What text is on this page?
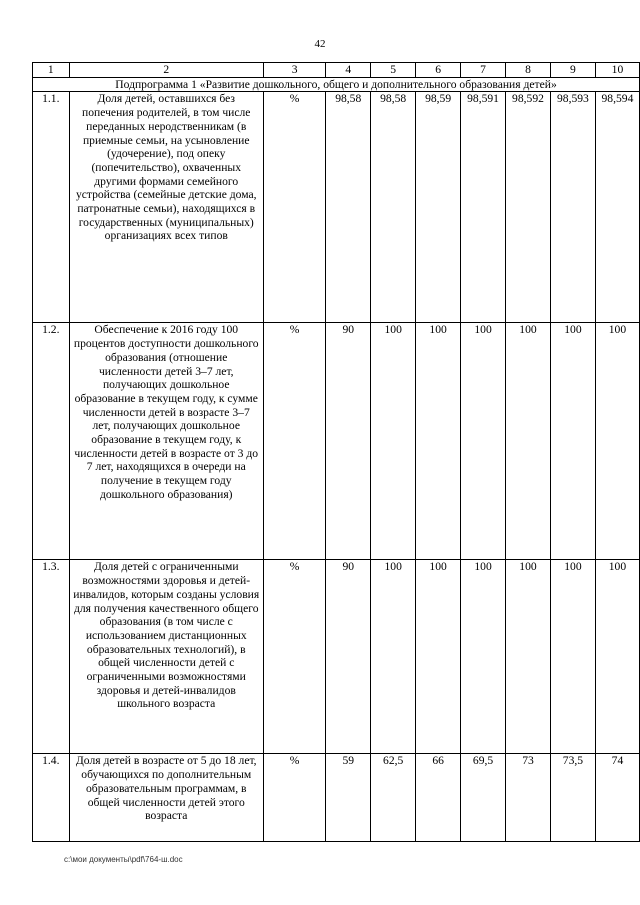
42
1	2	3	4	5	6	7	8	9	10
Подпрограмма 1 «Развитие дошкольного, общего и дополнительного образования детей»									
1.1.	Доля детей, оставшихся без попечения родителей, в том числе переданных неродственникам (в приемные семьи, на усыновление (удочерение), под опеку (попечительство), охваченных другими формами семейного устройства (семейные детские дома, патронатные семьи), находящихся в государственных (муниципальных) организациях всех типов	%	98,58	98,58	98,59	98,591	98,592	98,593	98,594
1.2.	Обеспечение к 2016 году 100 процентов доступности дошкольного образования (отношение численности детей 3–7 лет, получающих дошкольное образование в текущем году, к сумме численности детей в возрасте 3–7 лет, получающих дошкольное образование в текущем году, к численности детей в возрасте от 3 до 7 лет, находящихся в очереди на получение в текущем году дошкольного образования)	%	90	100	100	100	100	100	100
1.3.	Доля детей с ограниченными возможностями здоровья и детей-инвалидов, которым созданы условия для получения качественного общего образования (в том числе с использованием дистанционных образовательных технологий), в общей численности детей с ограниченными возможностями здоровья и детей-инвалидов школьного возраста	%	90	100	100	100	100	100	100
1.4.	Доля детей в возрасте от 5 до 18 лет, обучающихся по дополнительным образовательным программам, в общей численности детей этого возраста	%	59	62,5	66	69,5	73	73,5	74
c:\мои документы\pdf\764-ш.doc
